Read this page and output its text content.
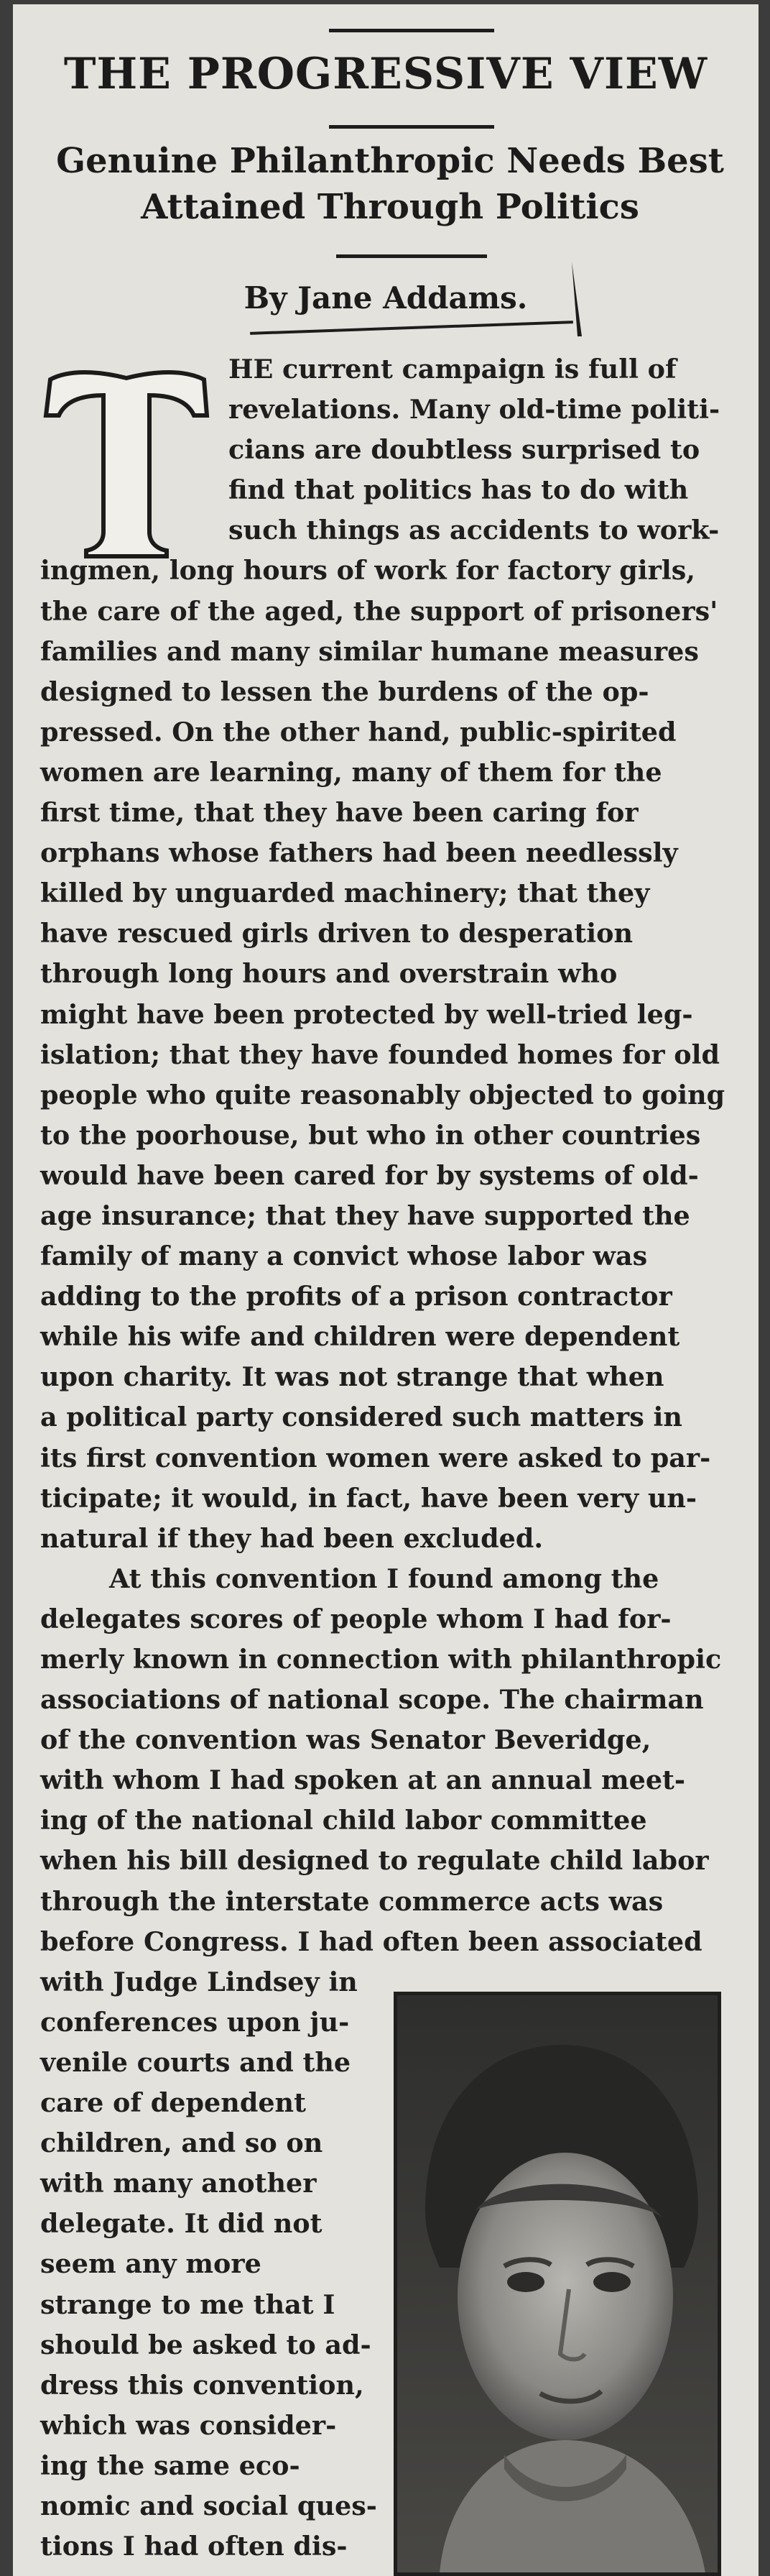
THE PROGRESSIVE VIEW
Genuine Philanthropic Needs Best
Attained Through Politics
By Jane Addams.
HE current campaign is full of
revelations. Many old-time politi-
cians are doubtless surprised to
find that politics has to do with
such things as accidents to work-
ingmen, long hours of work for factory girls,
the care of the aged, the support of prisoners'
families and many similar humane measures
designed to lessen the burdens of the op-
pressed. On the other hand, public-spirited
women are learning, many of them for the
first time, that they have been caring for
orphans whose fathers had been needlessly
killed by unguarded machinery; that they
have rescued girls driven to desperation
through long hours and overstrain who
might have been protected by well-tried leg-
islation; that they have founded homes for old
people who quite reasonably objected to going
to the poorhouse, but who in other countries
would have been cared for by systems of old-
age insurance; that they have supported the
family of many a convict whose labor was
adding to the profits of a prison contractor
while his wife and children were dependent
upon charity. It was not strange that when
a political party considered such matters in
its first convention women were asked to par-
ticipate; it would, in fact, have been very un-
natural if they had been excluded.
At this convention I found among the
delegates scores of people whom I had for-
merly known in connection with philanthropic
associations of national scope. The chairman
of the convention was Senator Beveridge,
with whom I had spoken at an annual meet-
ing of the national child labor committee
when his bill designed to regulate child labor
through the interstate commerce acts was
before Congress. I had often been associated
with Judge Lindsey in
conferences upon ju-
venile courts and the
care of dependent
children, and so on
with many another
delegate. It did not
seem any more
strange to me that I
should be asked to ad-
dress this convention,
which was consider-
ing the same eco-
nomic and social ques-
tions I had often dis-
